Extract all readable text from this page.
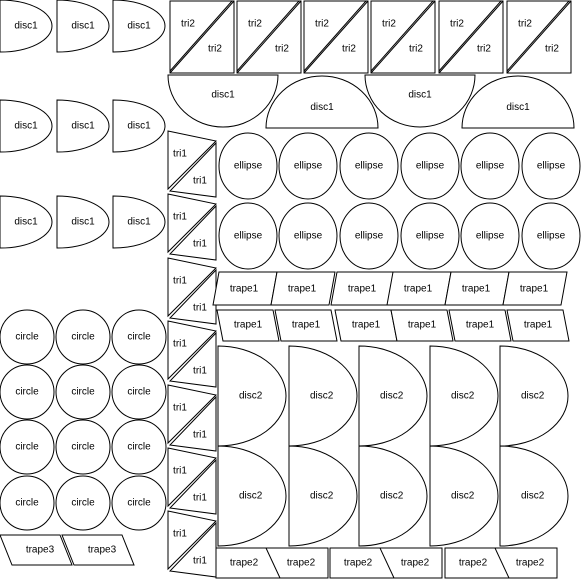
disc1	disc1	disc1
disc1	disc1	disc1
disc1	disc1	disc1
disc1
disc1
disc1
disc1
tri2
tri2
tri2
tri2
tri2
tri2
tri2
tri2
tri2
tri2
tri2
tri2
tri1
tri1
tri1
tri1
tri1
tri1
tri1
tri1
tri1
tri1
tri1
tri1
tri1
tri1
ellipse	ellipse	ellipse	ellipse	ellipse	ellipse
ellipse	ellipse	ellipse	ellipse	ellipse	ellipse
trape1
trape1
trape1
trape1
trape1
trape1
trape1
trape1
trape1
trape1
trape1
trape1
disc2	disc2	disc2	disc2	disc2
disc2	disc2	disc2	disc2	disc2
circle	circle	circle
circle	circle	circle
circle	circle	circle
circle	circle	circle
trape3	trape3
trape2	trape2	trape2	trape2	trape2	trape2
